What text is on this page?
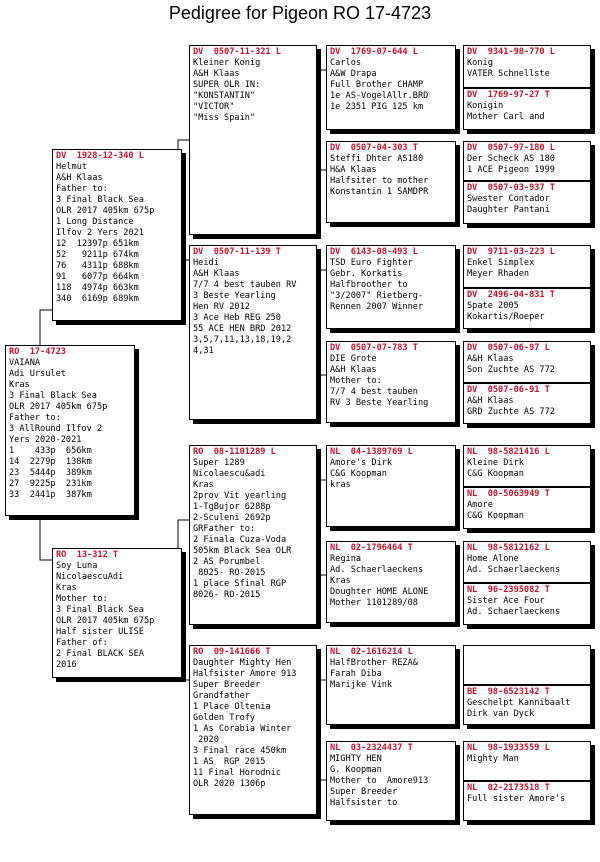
Pedigree for Pigeon RO 17-4723
RO  17-4723
VAIANA
Adi Ursulet
Kras
3 Final Black Sea
OLR 2017 405km 675p
Father to:
3 AllRound Ilfov 2
Yers 2020-2021
1    433p  656km
14  2279p  138km
23  5444p  389km
27  9225p  231km
33  2441p  387km
DV  1928-12-340 L
Helmut
A&H Klaas
Father to:
3 Final Black Sea
OLR 2017 405km 675p
1 Long Distance
Ilfov 2 Yers 2021
12  12397p 651km
52   9211p 674km
76   4311p 688km
91   6077p 664km
118  4974p 663km
340  6169p 689km
RO  13-312 T
Soy Luna
NicolaescuAdi
Kras
Mother to:
3 Final Black Sea
OLR 2017 405km 675p
Half sister ULISE
Father of:
2 Final BLACK SEA
2016
DV  0507-11-321 L
Kleiner Konig
A&H Klaas
SUPER OLR IN:
"KONSTANTIN"
"VICTOR"
"Miss Spain"
DV  0507-11-139 T
Heidi
A&H Klaas
7/7 4 best tauben RV
3 Beste Yearling
Hen RV 2012
3 Ace Heb REG 250
55 ACE HEN BRD 2012
3,5,7,11,13,18,19,2
4,31
RO  08-1101289 L
Super 1289
Nicolaescu&adi
Kras
2prov Vit yearling
1-TgBujor 6288p
2-Sculeni 2692p
GRFather to:
2 Finala Cuza-Voda
505km Black Sea OLR
2 AS Porumbel
8025- RO-2015
1 place Sfinal RGP
8026- RO-2015
RO  09-141666 T
Daughter Mighty Hen
Halfsister Amore 913
Super Breeder
Grandfather
1 Place Oltenia
Golden Trofy
1 As Corabia Winter
2020
3 Final race 450km
1 AS  RGP 2015
11 Final Horodnic
OLR 2020 1306p
DV  1769-07-644 L
Carlos
A&W Drapa
Full Brother CHAMP
1e AS-VogelAllr.BRD
1e 2351 PIG 125 km
DV  0507-04-303 T
Steffi Dhter AS180
H&A Klaas
Halfsiter to mother
Konstantin 1 SAMDPR
DV  6143-08-493 L
TSD Euro Fighter
Gebr. Korkatis
Halfbroother to
"3/2007" Rietberg-
Rennen 2007 Winner
DV  0507-07-783 T
DIE Grote
A&H Klaas
Mother to:
7/7 4 best tauben
RV 3 Beste Yearling
NL  04-1389769 L
Amore's Dirk
C&G Koopman
kras
NL  02-1796464 T
Regina
Ad. Schaerlaeckens
Kras
Doughter HOME ALONE
Mother 1101289/08
NL  02-1616214 L
HalfBrother REZA&
Farah Diba
Marijke Vink
NL  03-2324437 T
MIGHTY HEN
G. Koopman
Mother to  Amore913
Super Breeder
Halfsister to
DV  9341-98-770 L
Konig
VATER Schnellste
DV  1769-97-27 T
Konigin
Mother Carl and
DV  0507-97-180 L
Der Scheck AS 180
1 ACE Pigeon 1999
DV  0507-03-937 T
Swester Contador
Daughter Pantani
DV  9711-03-223 L
Enkel Simplex
Meyer Rhaden
DV  2496-04-831 T
Spate 2005
Kokartis/Roeper
DV  0507-06-97 L
A&H Klaas
Son Zuchte AS 772
DV  0507-06-91 T
A&H Klaas
GRD Zuchte AS 772
NL  98-5821416 L
Kleine Dirk
C&G Koopman
NL  00-5063949 T
Amore
C&G Koopman
NL  98-5812162 L
Home Alone
Ad. Schaerlaeckens
NL  96-2395082 T
Sister Ace Four
Ad. Schaerlaeckens
BE  98-6523142 T
Geschelpt Kannibaalt
Dirk van Dyck
NL  98-1933559 L
Mighty Man
NL  02-2173518 T
Full sister Amore's
